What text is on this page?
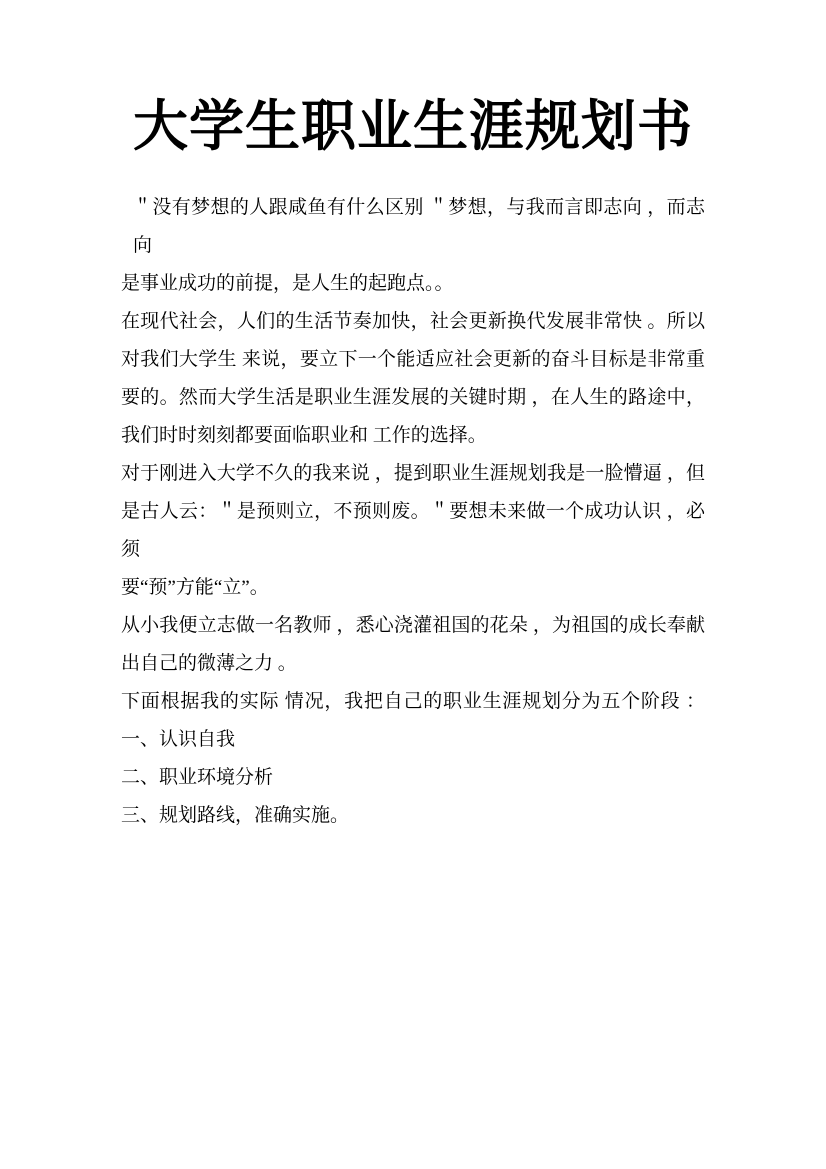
大学生职业生涯规划书

＂没有梦想的人跟咸鱼有什么区别 ＂梦想，与我而言即志向 ，而志向
是事业成功的前提，是人生的起跑点。。

在现代社会，人们的生活节奏加快，社会更新换代发展非常快 。所以
对我们大学生 来说，要立下一个能适应社会更新的奋斗目标是非常重
要的。然而大学生活是职业生涯发展的关键时期 ，在人生的路途中，
我们时时刻刻都要面临职业和 工作的选择。

对于刚进入大学不久的我来说 ，提到职业生涯规划我是一脸懵逼 ，但
是古人云：＂是预则立，不预则废。＂要想未来做一个成功认识 ，必须
要“预”方能“立”。

从小我便立志做一名教师 ，悉心浇灌祖国的花朵 ，为祖国的成长奉献
出自己的微薄之力 。

下面根据我的实际 情况，我把自己的职业生涯规划分为五个阶段 ：

一、认识自我
二、职业环境分析
三、规划路线，准确实施。
